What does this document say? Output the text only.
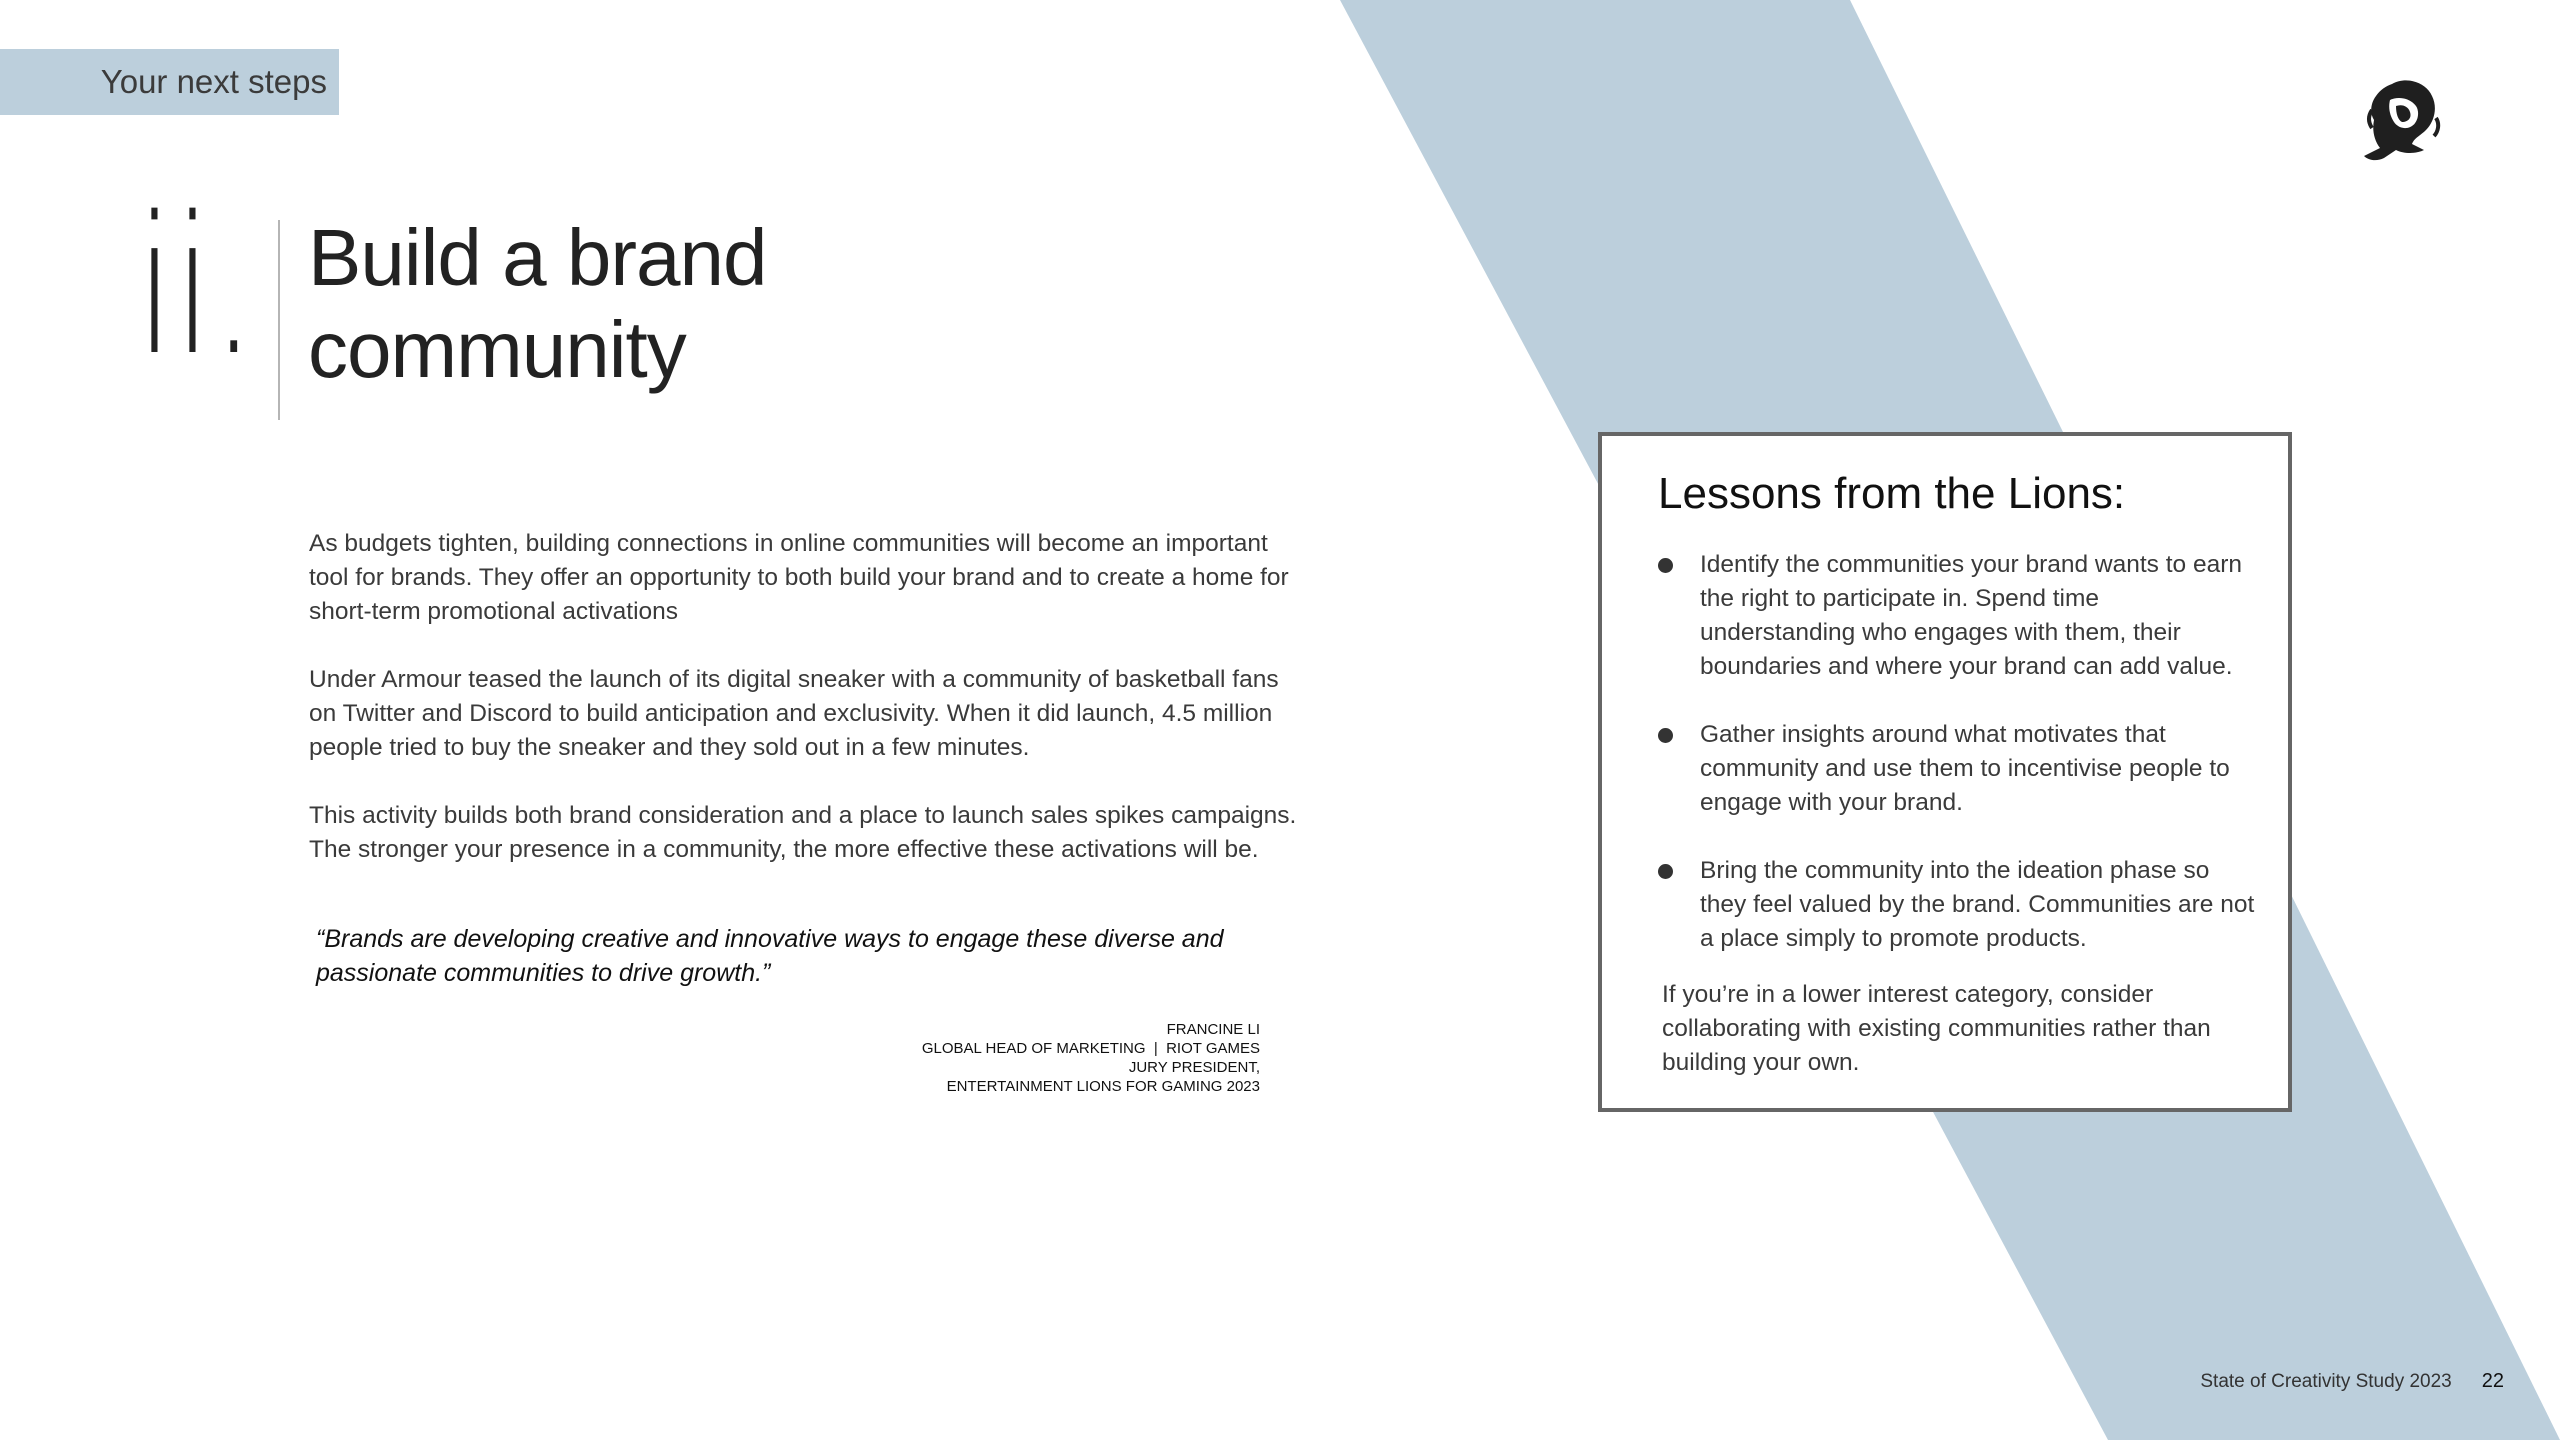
Your next steps
ii. Build a brand
community

As budgets tighten, building connections in online communities will become an important tool for brands. They offer an opportunity to both build your brand and to create a home for short-term promotional activations

Under Armour teased the launch of its digital sneaker with a community of basketball fans on Twitter and Discord to build anticipation and exclusivity. When it did launch, 4.5 million people tried to buy the sneaker and they sold out in a few minutes.

This activity builds both brand consideration and a place to launch sales spikes campaigns. The stronger your presence in a community, the more effective these activations will be.

“Brands are developing creative and innovative ways to engage these diverse and passionate communities to drive growth.”

FRANCINE LI
GLOBAL HEAD OF MARKETING  |  RIOT GAMES
JURY PRESIDENT,
ENTERTAINMENT LIONS FOR GAMING 2023
Lessons from the Lions:
Identify the communities your brand wants to earn the right to participate in. Spend time understanding who engages with them, their boundaries and where your brand can add value.
Gather insights around what motivates that community and use them to incentivise people to engage with your brand.
Bring the community into the ideation phase so they feel valued by the brand. Communities are not a place simply to promote products.

If you’re in a lower interest category, consider collaborating with existing communities rather than building your own.

State of Creativity Study 2023 22
